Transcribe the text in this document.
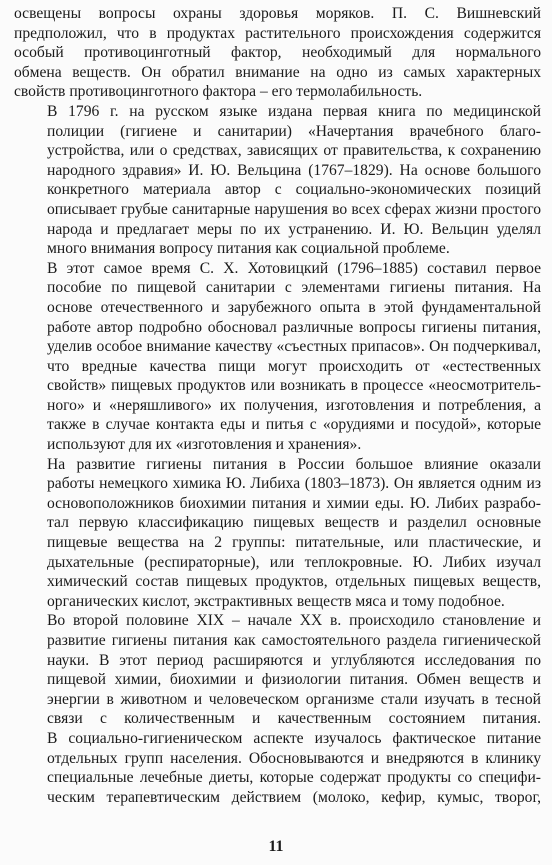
освещены вопросы охраны здоровья моряков. П. С. Вишневский
предположил, что в продуктах растительного происхождения содержится
особый противоцинготный фактор, необходимый для нормального
обмена веществ. Он обратил внимание на одно из самых характерных
свойств противоцинготного фактора – его термолабильность.
В 1796 г. на русском языке издана первая книга по медицинской
полиции (гигиене и санитарии) «Начертания врачебного благо-
устройства, или о средствах, зависящих от правительства, к сохранению
народного здравия» И. Ю. Вельцина (1767–1829). На основе большого
конкретного материала автор с социально-экономических позиций
описывает грубые санитарные нарушения во всех сферах жизни простого
народа и предлагает меры по их устранению. И. Ю. Вельцин уделял
много внимания вопросу питания как социальной проблеме.
В этот самое время С. Х. Хотовицкий (1796–1885) составил первое
пособие по пищевой санитарии с элементами гигиены питания. На
основе отечественного и зарубежного опыта в этой фундаментальной
работе автор подробно обосновал различные вопросы гигиены питания,
уделив особое внимание качеству «съестных припасов». Он подчеркивал,
что вредные качества пищи могут происходить от «естественных
свойств» пищевых продуктов или возникать в процессе «неосмотритель-
ного» и «неряшливого» их получения, изготовления и потребления, а
также в случае контакта еды и питья с «орудиями и посудой», которые
используют для их «изготовления и хранения».
На развитие гигиены питания в России большое влияние оказали
работы немецкого химика Ю. Либиха (1803–1873). Он является одним из
основоположников биохимии питания и химии еды. Ю. Либих разрабо-
тал первую классификацию пищевых веществ и разделил основные
пищевые вещества на 2 группы: питательные, или пластические, и
дыхательные (респираторные), или теплокровные. Ю. Либих изучал
химический состав пищевых продуктов, отдельных пищевых веществ,
органических кислот, экстрактивных веществ мяса и тому подобное.
Во второй половине XIX – начале XX в. происходило становление и
развитие гигиены питания как самостоятельного раздела гигиенической
науки. В этот период расширяются и углубляются исследования по
пищевой химии, биохимии и физиологии питания. Обмен веществ и
энергии в животном и человеческом организме стали изучать в тесной
связи с количественным и качественным состоянием питания.
В социально-гигиеническом аспекте изучалось фактическое питание
отдельных групп населения. Обосновываются и внедряются в клинику
специальные лечебные диеты, которые содержат продукты со специфи-
ческим терапевтическим действием (молоко, кефир, кумыс, творог,
11
